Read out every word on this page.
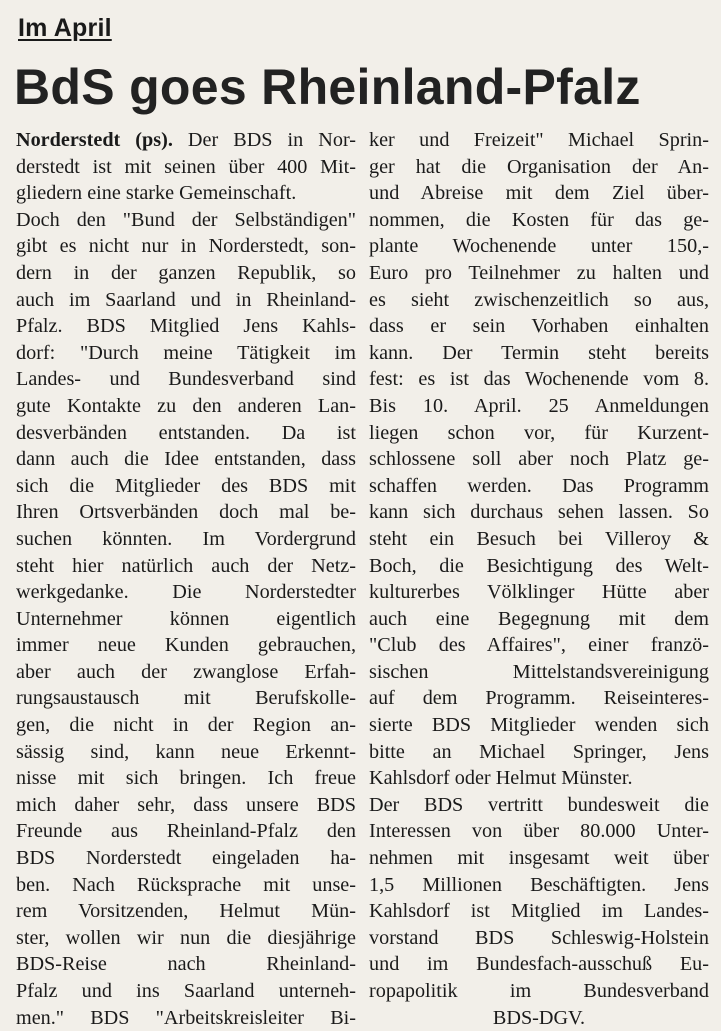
Im April
BdS goes Rheinland-Pfalz
Norderstedt (ps). Der BDS in Nor-
derstedt ist mit seinen über 400 Mit-
gliedern eine starke Gemeinschaft.
Doch den "Bund der Selbständigen"
gibt es nicht nur in Norderstedt, son-
dern in der ganzen Republik, so
auch im Saarland und in Rheinland-
Pfalz. BDS Mitglied Jens Kahls-
dorf: "Durch meine Tätigkeit im
Landes- und Bundesverband sind
gute Kontakte zu den anderen Lan-
desverbänden entstanden. Da ist
dann auch die Idee entstanden, dass
sich die Mitglieder des BDS mit
Ihren Ortsverbänden doch mal be-
suchen könnten. Im Vordergrund
steht hier natürlich auch der Netz-
werkgedanke. Die Norderstedter
Unternehmer können eigentlich
immer neue Kunden gebrauchen,
aber auch der zwanglose Erfah-
rungsaustausch mit Berufskolle-
gen, die nicht in der Region an-
sässig sind, kann neue Erkennt-
nisse mit sich bringen. Ich freue
mich daher sehr, dass unsere BDS
Freunde aus Rheinland-Pfalz den
BDS Norderstedt eingeladen ha-
ben. Nach Rücksprache mit unse-
rem Vorsitzenden, Helmut Mün-
ster, wollen wir nun die diesjährige
BDS-Reise nach Rheinland-
Pfalz und ins Saarland unterneh-
men." BDS "Arbeitskreisleiter Bi-
ker und Freizeit" Michael Sprin-
ger hat die Organisation der An-
und Abreise mit dem Ziel über-
nommen, die Kosten für das ge-
plante Wochenende unter 150,-
Euro pro Teilnehmer zu halten und
es sieht zwischenzeitlich so aus,
dass er sein Vorhaben einhalten
kann. Der Termin steht bereits
fest: es ist das Wochenende vom 8.
Bis 10. April. 25 Anmeldungen
liegen schon vor, für Kurzent-
schlossene soll aber noch Platz ge-
schaffen werden. Das Programm
kann sich durchaus sehen lassen. So
steht ein Besuch bei Villeroy &
Boch, die Besichtigung des Welt-
kulturerbes Völklinger Hütte aber
auch eine Begegnung mit dem
"Club des Affaires", einer franzö-
sischen Mittelstandsvereinigung
auf dem Programm. Reiseinteres-
sierte BDS Mitglieder wenden sich
bitte an Michael Springer, Jens
Kahlsdorf oder Helmut Münster.
Der BDS vertritt bundesweit die
Interessen von über 80.000 Unter-
nehmen mit insgesamt weit über
1,5 Millionen Beschäftigten. Jens
Kahlsdorf ist Mitglied im Landes-
vorstand BDS Schleswig-Holstein
und im Bundesfach-ausschuß Eu-
ropapolitik im Bundesverband
BDS-DGV.
